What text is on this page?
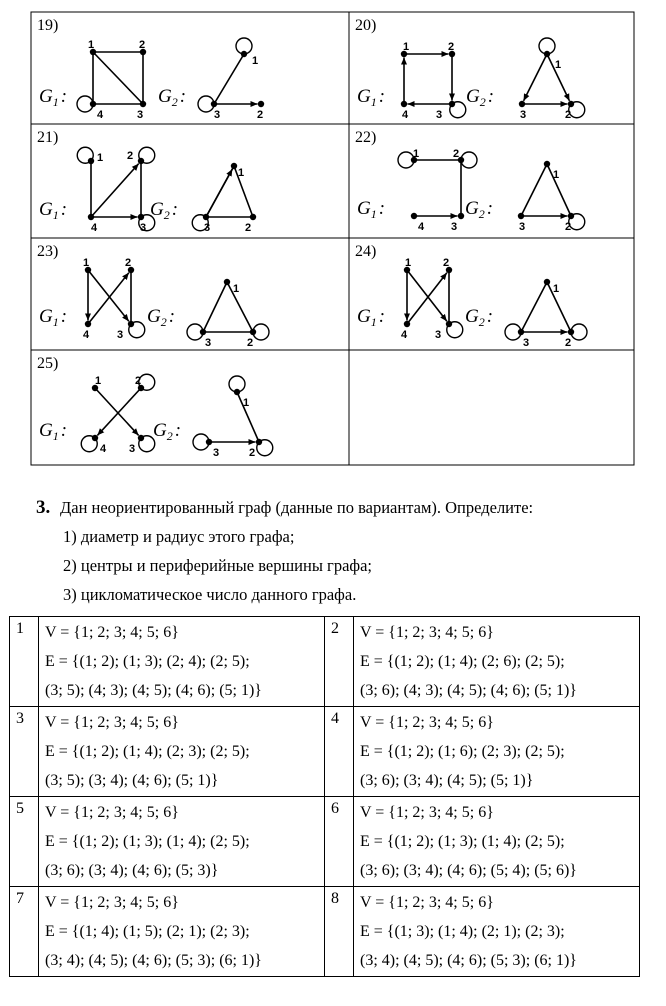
19)
G1 :	G2 :
1	2
3
4
1
2
3
20)
G1 :	G2 :
1	2
3
4
1
2
3
21)
G1 :	G2 :
1 2
3
4
1
2
3
22)
G1 :	G2 :
1	2
3
4
1
2
3
23)
G1 :	G2 :
1	2
3
4
1
2
3
24)
G1 :	G2 :
1	2
3
4
1
2
3
25)
G1 :	G2 :
1	2
3
4
1
2
3
3. Дан неориентированный граф (данные по вариантам). Определите:
1) диаметр и радиус этого графа;
2) центры и периферийные вершины графа;
3) цикломатическое число данного графа.
1	V = {1; 2; 3; 4; 5; 6}
E = {(1; 2); (1; 3); (2; 4); (2; 5);
(3; 5); (4; 3); (4; 5); (4; 6); (5; 1)}	2	V = {1; 2; 3; 4; 5; 6}
E = {(1; 2); (1; 4); (2; 6); (2; 5);
(3; 6); (4; 3); (4; 5); (4; 6); (5; 1)}

3	V = {1; 2; 3; 4; 5; 6}
E = {(1; 2); (1; 4); (2; 3); (2; 5);
(3; 5); (3; 4); (4; 6); (5; 1)}	4	V = {1; 2; 3; 4; 5; 6}
E = {(1; 2); (1; 6); (2; 3); (2; 5);
(3; 6); (3; 4); (4; 5); (5; 1)}

5	V = {1; 2; 3; 4; 5; 6}
E = {(1; 2); (1; 3); (1; 4); (2; 5);
(3; 6); (3; 4); (4; 6); (5; 3)}	6	V = {1; 2; 3; 4; 5; 6}
E = {(1; 2); (1; 3); (1; 4); (2; 5);
(3; 6); (3; 4); (4; 6); (5; 4); (5; 6)}

7	V = {1; 2; 3; 4; 5; 6}
E = {(1; 4); (1; 5); (2; 1); (2; 3);
(3; 4); (4; 5); (4; 6); (5; 3); (6; 1)}	8	V = {1; 2; 3; 4; 5; 6}
E = {(1; 3); (1; 4); (2; 1); (2; 3);
(3; 4); (4; 5); (4; 6); (5; 3); (6; 1)}
